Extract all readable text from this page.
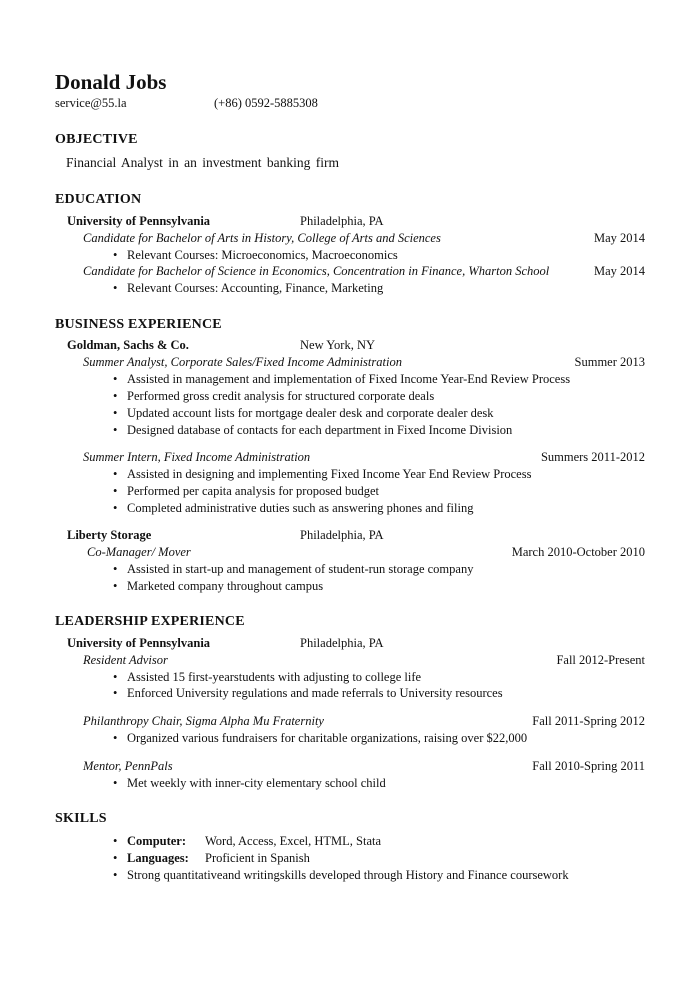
Donald Jobs
service@55.la	(+86) 0592-5885308
OBJECTIVE
Financial Analyst in an investment banking firm
EDUCATION
University of Pennsylvania	Philadelphia, PA
Candidate for Bachelor of Arts in History, College of Arts and Sciences	May 2014
• Relevant Courses: Microeconomics, Macroeconomics
Candidate for Bachelor of Science in Economics, Concentration in Finance, Wharton School	May 2014
• Relevant Courses: Accounting, Finance, Marketing
BUSINESS EXPERIENCE
Goldman, Sachs & Co.	New York, NY
Summer Analyst, Corporate Sales/Fixed Income Administration	Summer 2013
• Assisted in management and implementation of Fixed Income Year-End Review Process
• Performed gross credit analysis for structured corporate deals
• Updated account lists for mortgage dealer desk and corporate dealer desk
• Designed database of contacts for each department in Fixed Income Division
Summer Intern, Fixed Income Administration	Summers 2011-2012
• Assisted in designing and implementing Fixed Income Year End Review Process
• Performed per capita analysis for proposed budget
• Completed administrative duties such as answering phones and filing
Liberty Storage	Philadelphia, PA
Co-Manager/ Mover	March 2010-October 2010
• Assisted in start-up and management of student-run storage company
• Marketed company throughout campus
LEADERSHIP EXPERIENCE
University of Pennsylvania	Philadelphia, PA
Resident Advisor	Fall 2012-Present
• Assisted 15 first-yearstudents with adjusting to college life
• Enforced University regulations and made referrals to University resources
Philanthropy Chair, Sigma Alpha Mu Fraternity	Fall 2011-Spring 2012
• Organized various fundraisers for charitable organizations, raising over $22,000
Mentor, PennPals	Fall 2010-Spring 2011
• Met weekly with inner-city elementary school child
SKILLS
• Computer: Word, Access, Excel, HTML, Stata
• Languages: Proficient in Spanish
• Strong quantitativeand writingskills developed through History and Finance coursework
